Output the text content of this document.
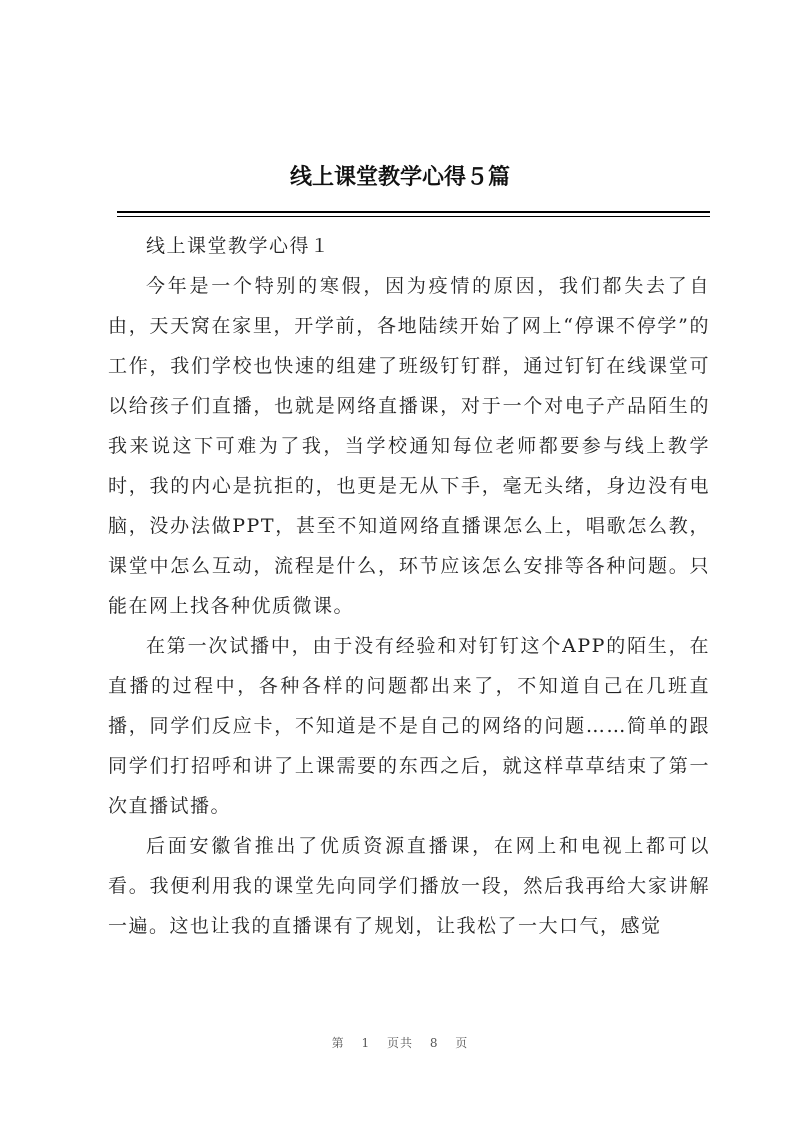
线上课堂教学心得５篇

线上课堂教学心得１

今年是一个特别的寒假，因为疫情的原因，我们都失去了自由，天天窝在家里，开学前，各地陆续开始了网上“停课不停学”的工作，我们学校也快速的组建了班级钉钉群，通过钉钉在线课堂可以给孩子们直播，也就是网络直播课，对于一个对电子产品陌生的我来说这下可难为了我，当学校通知每位老师都要参与线上教学时，我的内心是抗拒的，也更是无从下手，毫无头绪，身边没有电脑，没办法做PPT，甚至不知道网络直播课怎么上，唱歌怎么教，课堂中怎么互动，流程是什么，环节应该怎么安排等各种问题。只能在网上找各种优质微课。

在第一次试播中，由于没有经验和对钉钉这个APP的陌生，在直播的过程中，各种各样的问题都出来了，不知道自己在几班直播，同学们反应卡，不知道是不是自己的网络的问题……简单的跟同学们打招呼和讲了上课需要的东西之后，就这样草草结束了第一次直播试播。

后面安徽省推出了优质资源直播课，在网上和电视上都可以看。我便利用我的课堂先向同学们播放一段，然后我再给大家讲解一遍。这也让我的直播课有了规划，让我松了一大口气，感觉

第 1 页共 8 页
